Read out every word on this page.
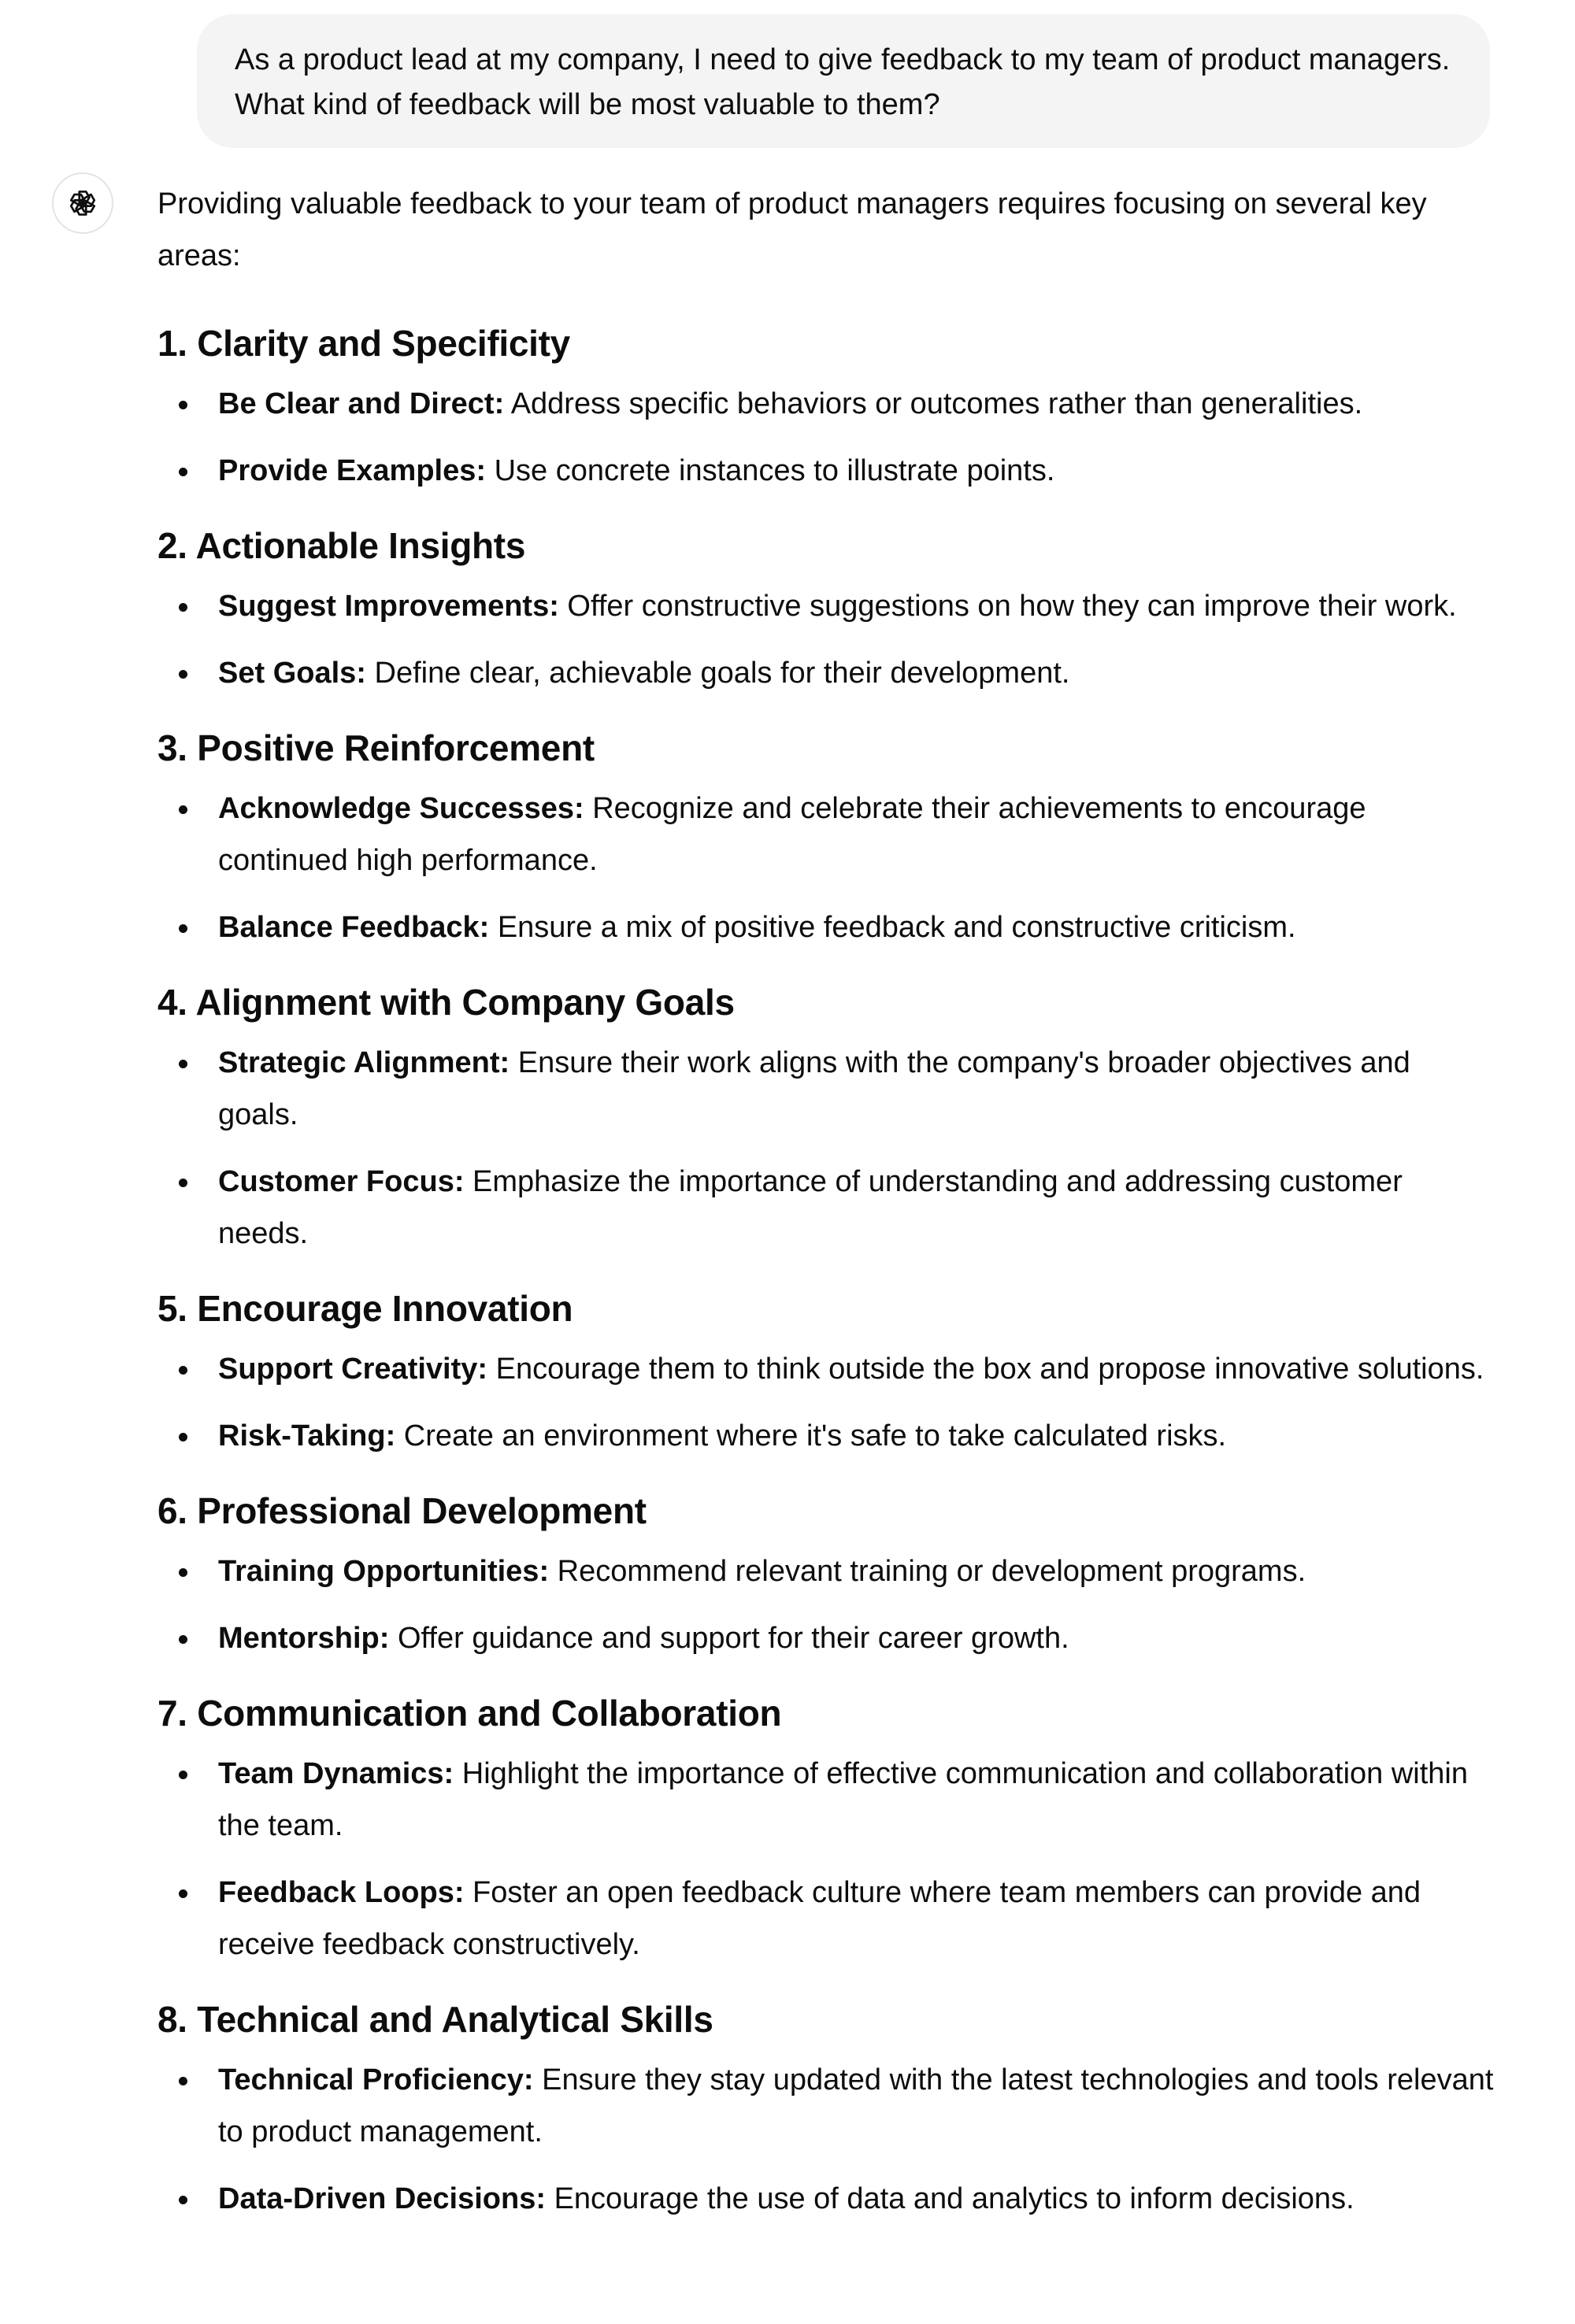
As a product lead at my company, I need to give feedback to my team of product managers. What kind of feedback will be most valuable to them?

Providing valuable feedback to your team of product managers requires focusing on several key areas:

1. Clarity and Specificity
Be Clear and Direct: Address specific behaviors or outcomes rather than generalities.
Provide Examples: Use concrete instances to illustrate points.
2. Actionable Insights
Suggest Improvements: Offer constructive suggestions on how they can improve their work.
Set Goals: Define clear, achievable goals for their development.
3. Positive Reinforcement
Acknowledge Successes: Recognize and celebrate their achievements to encourage continued high performance.
Balance Feedback: Ensure a mix of positive feedback and constructive criticism.
4. Alignment with Company Goals
Strategic Alignment: Ensure their work aligns with the company's broader objectives and goals.
Customer Focus: Emphasize the importance of understanding and addressing customer needs.
5. Encourage Innovation
Support Creativity: Encourage them to think outside the box and propose innovative solutions.
Risk-Taking: Create an environment where it's safe to take calculated risks.
6. Professional Development
Training Opportunities: Recommend relevant training or development programs.
Mentorship: Offer guidance and support for their career growth.
7. Communication and Collaboration
Team Dynamics: Highlight the importance of effective communication and collaboration within the team.
Feedback Loops: Foster an open feedback culture where team members can provide and receive feedback constructively.
8. Technical and Analytical Skills
Technical Proficiency: Ensure they stay updated with the latest technologies and tools relevant to product management.
Data-Driven Decisions: Encourage the use of data and analytics to inform decisions.
